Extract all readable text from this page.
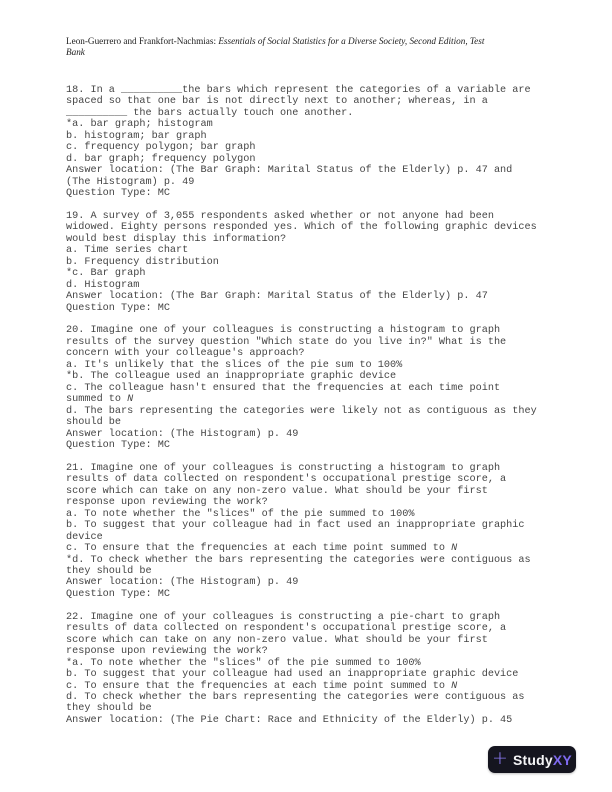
Leon-Guerrero and Frankfort-Nachmias: Essentials of Social Statistics for a Diverse Society, Second Edition, Test
Bank
18. In a __________the bars which represent the categories of a variable are
spaced so that one bar is not directly next to another; whereas, in a
__________ the bars actually touch one another.
*a. bar graph; histogram
b. histogram; bar graph
c. frequency polygon; bar graph
d. bar graph; frequency polygon
Answer location: (The Bar Graph: Marital Status of the Elderly) p. 47 and
(The Histogram) p. 49
Question Type: MC
19. A survey of 3,055 respondents asked whether or not anyone had been
widowed. Eighty persons responded yes. Which of the following graphic devices
would best display this information?
a. Time series chart
b. Frequency distribution
*c. Bar graph
d. Histogram
Answer location: (The Bar Graph: Marital Status of the Elderly) p. 47
Question Type: MC
20. Imagine one of your colleagues is constructing a histogram to graph
results of the survey question "Which state do you live in?" What is the
concern with your colleague's approach?
a. It's unlikely that the slices of the pie sum to 100%
*b. The colleague used an inappropriate graphic device
c. The colleague hasn't ensured that the frequencies at each time point
summed to N
d. The bars representing the categories were likely not as contiguous as they
should be
Answer location: (The Histogram) p. 49
Question Type: MC
21. Imagine one of your colleagues is constructing a histogram to graph
results of data collected on respondent's occupational prestige score, a
score which can take on any non-zero value. What should be your first
response upon reviewing the work?
a. To note whether the "slices" of the pie summed to 100%
b. To suggest that your colleague had in fact used an inappropriate graphic
device
c. To ensure that the frequencies at each time point summed to N
*d. To check whether the bars representing the categories were contiguous as
they should be
Answer location: (The Histogram) p. 49
Question Type: MC
22. Imagine one of your colleagues is constructing a pie-chart to graph
results of data collected on respondent's occupational prestige score, a
score which can take on any non-zero value. What should be your first
response upon reviewing the work?
*a. To note whether the "slices" of the pie summed to 100%
b. To suggest that your colleague had used an inappropriate graphic device
c. To ensure that the frequencies at each time point summed to N
d. To check whether the bars representing the categories were contiguous as
they should be
Answer location: (The Pie Chart: Race and Ethnicity of the Elderly) p. 45
+ StudyXY
